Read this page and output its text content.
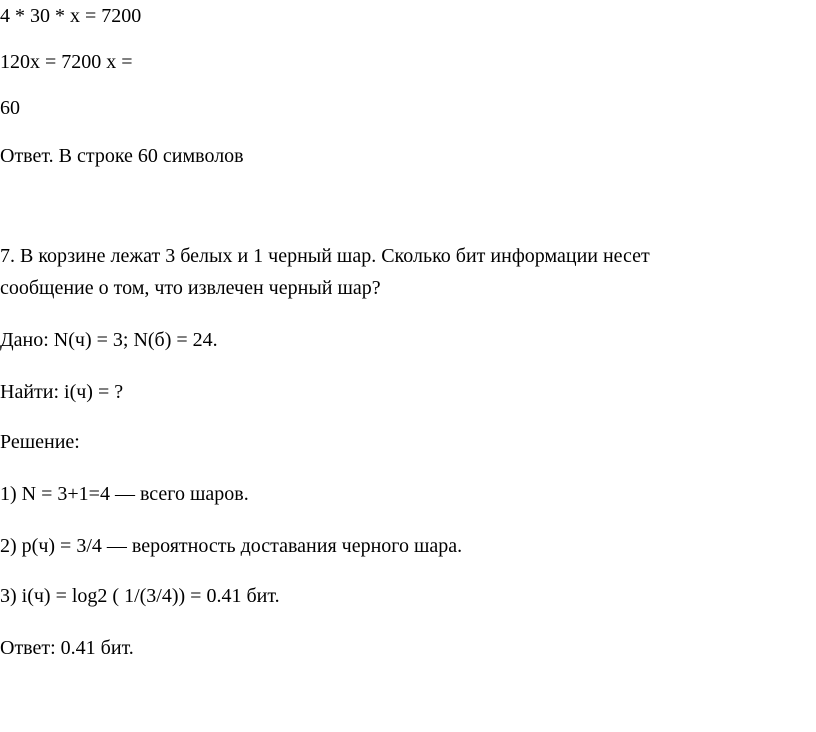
4 * 30 * x = 7200

120x = 7200 x =

60

Ответ. В строке 60 символов

7. В корзине лежат 3 белых и 1 черный шар. Сколько бит информации несет

сообщение о том, что извлечен черный шар?

Дано: N(ч) = 3; N(б) = 24.

Найти: i(ч) = ?

Решение:

1) N = 3+1=4 — всего шаров.

2) p(ч) = 3/4 — вероятность доставания черного шара.

3) i(ч) = log2 ( 1/(3/4)) = 0.41 бит.

Ответ: 0.41 бит.
